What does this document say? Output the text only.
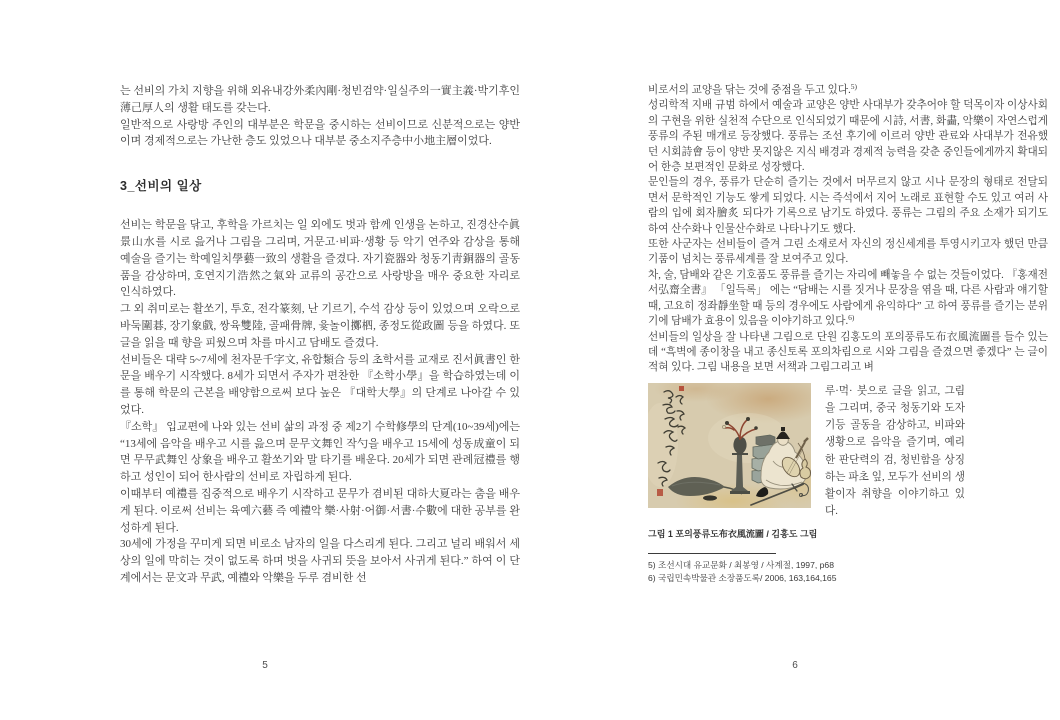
는 선비의 가치 지향을 위해 외유내강外柔內剛·청빈검약·일실주의一實主義·박기후인薄己厚人의 생활 태도를 갖는다.

일반적으로 사랑방 주인의 대부분은 학문을 중시하는 선비이므로 신분적으로는 양반이며 경제적으로는 가난한 층도 있었으나 대부분 중소지주층中小地主層이었다.

3_선비의 일상

선비는 학문을 닦고, 후학을 가르치는 일 외에도 벗과 함께 인생을 논하고, 진경산수眞景山水를 시로 읊거나 그림을 그리며, 거문고·비파·생황 등 악기 연주와 감상을 통해 예술을 즐기는 학예일치學藝一致의 생활을 즐겼다. 자기瓷器와 청동기靑銅器의 골동품을 감상하며, 호연지기浩然之氣와 교류의 공간으로 사랑방을 매우 중요한 자리로 인식하였다.

그 외 취미로는 활쏘기, 투호, 전각篆刻, 난 기르기, 수석 감상 등이 있었으며 오락으로 바둑圍碁, 장기象戲, 쌍육雙陸, 골패骨牌, 윷놀이擲柶, 종정도從政圖 등을 하였다. 또 글을 읽을 때 향을 피웠으며 차를 마시고 담배도 즐겼다.

선비들은 대략 5~7세에 천자문千字文, 유합類合 등의 초학서를 교재로 진서眞書인 한문을 배우기 시작했다. 8세가 되면서 주자가 편찬한 『소학小學』을 학습하였는데 이를 통해 학문의 근본을 배양함으로써 보다 높은 『대학大學』의 단계로 나아갈 수 있었다.

『소학』 입교편에 나와 있는 선비 삶의 과정 중 제2기 수학修學의 단계(10~39세)에는 “13세에 음악을 배우고 시를 읊으며 문무文舞인 작勺을 배우고 15세에 성동成童이 되면 무무武舞인 상象을 배우고 활쏘기와 말 타기를 배운다. 20세가 되면 관례冠禮를 행하고 성인이 되어 한사람의 선비로 자립하게 된다.

이때부터 예禮를 집중적으로 배우기 시작하고 문무가 겸비된 대하大夏라는 춤을 배우게 된다. 이로써 선비는 육예六藝 즉 예禮악 樂·사射·어御·서書·수數에 대한 공부를 완성하게 된다.

30세에 가정을 꾸미게 되면 비로소 남자의 일을 다스리게 된다. 그리고 널리 배워서 세상의 일에 막히는 것이 없도록 하며 벗을 사귀되 뜻을 보아서 사귀게 된다.” 하여 이 단계에서는 문文과 무武, 예禮와 악樂을 두루 겸비한 선

5

비로서의 교양을 닦는 것에 중점을 두고 있다.$^{5)}$

성리학적 지배 규범 하에서 예술과 교양은 양반 사대부가 갖추어야 할 덕목이자 이상사회의 구현을 위한 실천적 수단으로 인식되었기 때문에 시詩, 서書, 화畵, 악樂이 자연스럽게 풍류의 주된 매개로 등장했다. 풍류는 조선 후기에 이르러 양반 관료와 사대부가 전유했던 시회詩會 등이 양반 못지않은 지식 배경과 경제적 능력을 갖춘 중인들에게까지 확대되어 한층 보편적인 문화로 성장했다.

문인들의 경우, 풍류가 단순히 즐기는 것에서 머무르지 않고 시나 문장의 형태로 전달되면서 문학적인 기능도 쌓게 되었다. 시는 즉석에서 지어 노래로 표현할 수도 있고 여러 사람의 입에 회자膾炙 되다가 기록으로 남기도 하였다. 풍류는 그림의 주요 소재가 되기도 하여 산수화나 인물산수화로 나타나기도 했다.

또한 사군자는 선비들이 즐겨 그린 소재로서 자신의 정신세계를 투영시키고자 했던 만큼 기품이 넘치는 풍류세계를 잘 보여주고 있다.

차, 술, 담배와 같은 기호품도 풍류를 즐기는 자리에 빼놓을 수 없는 것들이었다. 『홍재전서弘齋全書』 「일득록」 에는 “담배는 시를 짓거나 문장을 엮을 때, 다른 사람과 얘기할 때, 고요히 정좌靜坐할 때 등의 경우에도 사람에게 유익하다” 고 하여 풍류를 즐기는 분위기에 담배가 효용이 있음을 이야기하고 있다.$^{6)}$

선비들의 일상을 잘 나타낸 그림으로 단원 김홍도의 포의풍류도布衣風流圖를 들수 있는데 “흑벽에 종이창을 내고 종신토록 포의차림으로 시와 그림을 즐겼으면 좋겠다” 는 글이 적혀 있다. 그림 내용을 보면 서책과 그림그리고 벼

루·먹· 붓으로 글을 읽고, 그림을 그리며, 중국 청동기와 도자기등 골동을 감상하고, 비파와 생황으로 음악을 즐기며, 예리한 판단력의 검, 청빈함을 상징하는 파초 잎, 모두가 선비의 생활이자 취향을 이야기하고 있다.
그림 1 포의풍류도布衣風流圖 / 김홍도 그림

5) 조선시대 유교문화 / 최봉영 / 사계절, 1997, p68

6) 국립민속박물관 소장품도록/ 2006, 163,164,165

6
